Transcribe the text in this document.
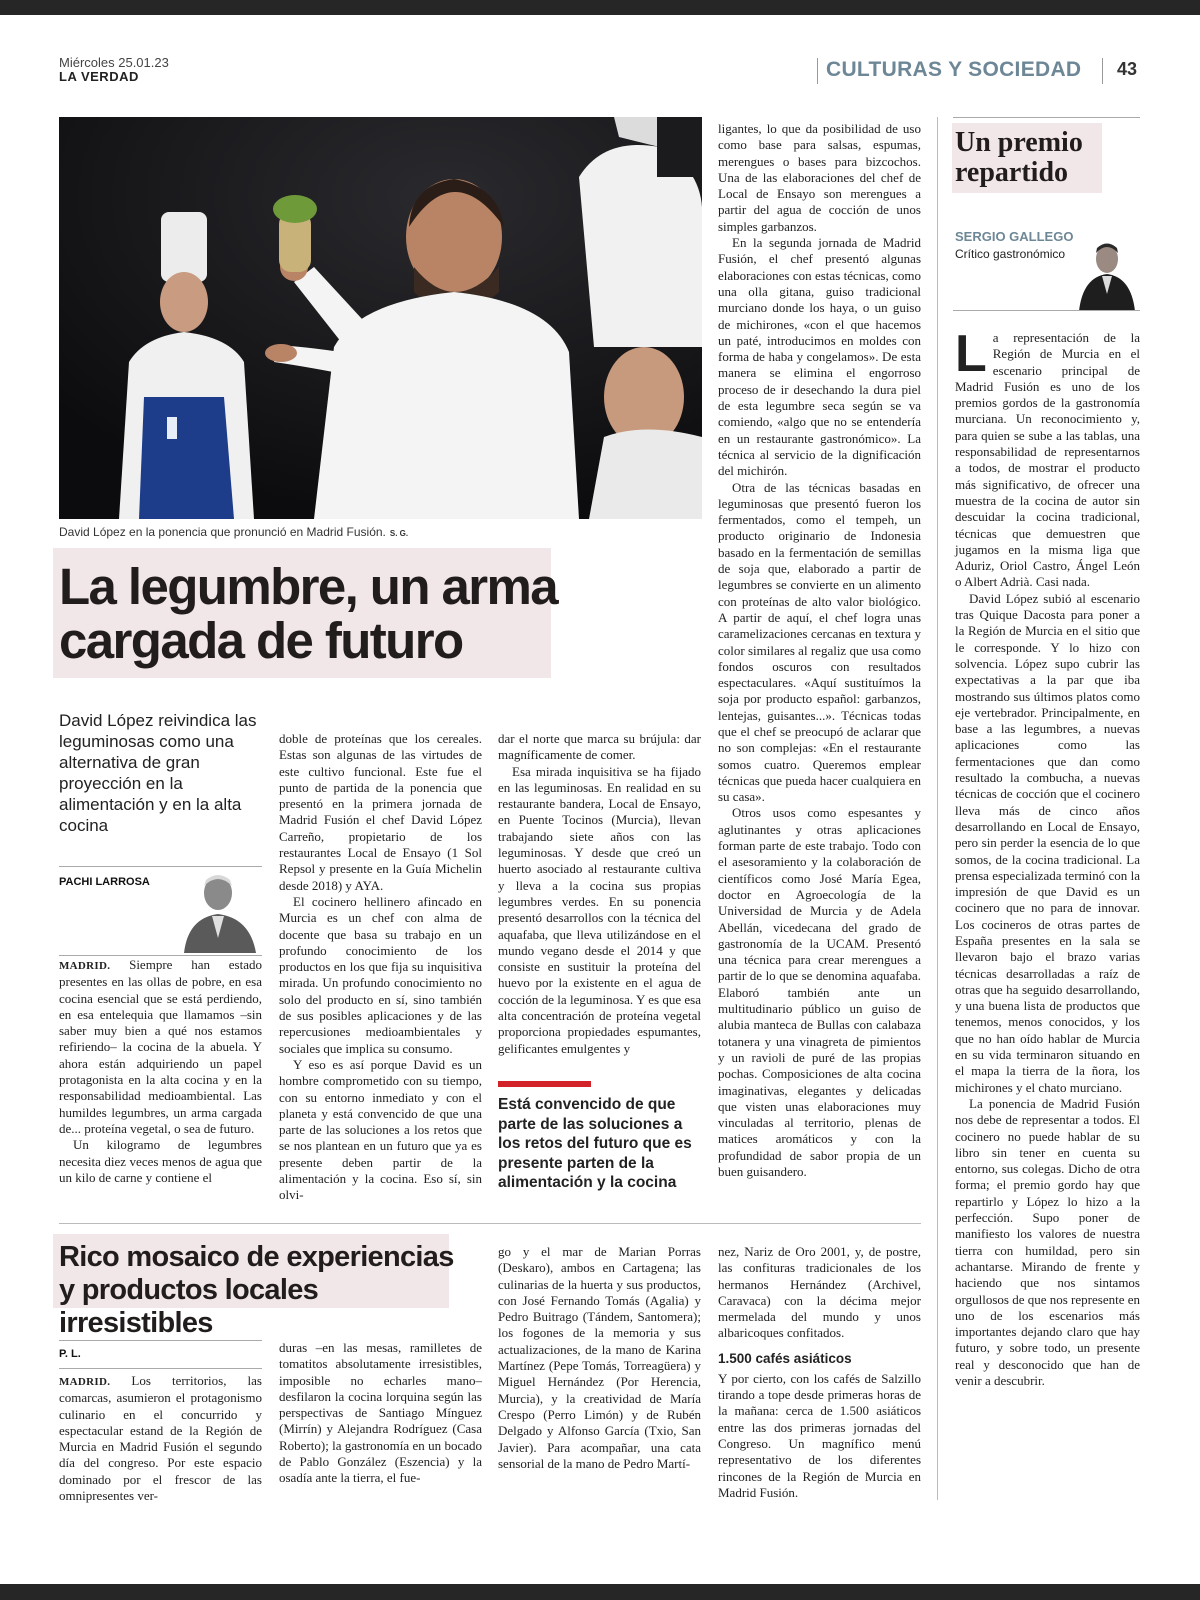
Miércoles 25.01.23
LA VERDAD	CULTURAS Y SOCIEDAD 43
David López en la ponencia que pronunció en Madrid Fusión. S. G.
La legumbre, un arma cargada de futuro
David López reivindica las leguminosas como una alternativa de gran proyección en la alimentación y en la alta cocina
PACHI LARROSA

MADRID. Siempre han estado presentes en las ollas de pobre, en esa cocina esencial que se está perdiendo, en esa entelequia que llamamos –sin saber muy bien a qué nos estamos refiriendo– la cocina de la abuela. Y ahora están adquiriendo un papel protagonista en la alta cocina y en la responsabilidad medioambiental. Las humildes legumbres, un arma cargada de... proteína vegetal, o sea de futuro.

Un kilogramo de legumbres necesita diez veces menos de agua que un kilo de carne y contiene el

doble de proteínas que los cereales. Estas son algunas de las virtudes de este cultivo funcional. Este fue el punto de partida de la ponencia que presentó en la primera jornada de Madrid Fusión el chef David López Carreño, propietario de los restaurantes Local de Ensayo (1 Sol Repsol y presente en la Guía Michelin desde 2018) y AYA.

El cocinero hellinero afincado en Murcia es un chef con alma de docente que basa su trabajo en un profundo conocimiento de los productos en los que fija su inquisitiva mirada. Un profundo conocimiento no solo del producto en sí, sino también de sus posibles aplicaciones y de las repercusiones medioambientales y sociales que implica su consumo.

Y eso es así porque David es un hombre comprometido con su tiempo, con su entorno inmediato y con el planeta y está convencido de que una parte de las soluciones a los retos que se nos plantean en un futuro que ya es presente deben partir de la alimentación y la cocina. Eso sí, sin olvi-

dar el norte que marca su brújula: dar magníficamente de comer.

Esa mirada inquisitiva se ha fijado en las leguminosas. En realidad en su restaurante bandera, Local de Ensayo, en Puente Tocinos (Murcia), llevan trabajando siete años con las leguminosas. Y desde que creó un huerto asociado al restaurante cultiva y lleva a la cocina sus propias legumbres verdes. En su ponencia presentó desarrollos con la técnica del aquafaba, que lleva utilizándose en el mundo vegano desde el 2014 y que consiste en sustituir la proteína del huevo por la existente en el agua de cocción de la leguminosa. Y es que esa alta concentración de proteína vegetal proporciona propiedades espumantes, gelificantes emulgentes y

Está convencido de que parte de las soluciones a los retos del futuro que es presente parten de la alimentación y la cocina

ligantes, lo que da posibilidad de uso como base para salsas, espumas, merengues o bases para bizcochos. Una de las elaboraciones del chef de Local de Ensayo son merengues a partir del agua de cocción de unos simples garbanzos.

En la segunda jornada de Madrid Fusión, el chef presentó algunas elaboraciones con estas técnicas, como una olla gitana, guiso tradicional murciano donde los haya, o un guiso de michirones, «con el que hacemos un paté, introducimos en moldes con forma de haba y congelamos». De esta manera se elimina el engorroso proceso de ir desechando la dura piel de esta legumbre seca según se va comiendo, «algo que no se entendería en un restaurante gastronómico». La técnica al servicio de la dignificación del michirón.

Otra de las técnicas basadas en leguminosas que presentó fueron los fermentados, como el tempeh, un producto originario de Indonesia basado en la fermentación de semillas de soja que, elaborado a partir de legumbres se convierte en un alimento con proteínas de alto valor biológico. A partir de aquí, el chef logra unas caramelizaciones cercanas en textura y color similares al regaliz que usa como fondos oscuros con resultados espectaculares. «Aquí sustituímos la soja por producto español: garbanzos, lentejas, guisantes...». Técnicas todas que el chef se preocupó de aclarar que no son complejas: «En el restaurante somos cuatro. Queremos emplear técnicas que pueda hacer cualquiera en su casa».

Otros usos como espesantes y aglutinantes y otras aplicaciones forman parte de este trabajo. Todo con el asesoramiento y la colaboración de científicos como José María Egea, doctor en Agroecología de la Universidad de Murcia y de Adela Abellán, vicedecana del grado de gastronomía de la UCAM. Presentó una técnica para crear merengues a partir de lo que se denomina aquafaba. Elaboró también ante un multitudinario público un guiso de alubia manteca de Bullas con calabaza totanera y una vinagreta de pimientos y un ravioli de puré de las propias pochas. Composiciones de alta cocina imaginativas, elegantes y delicadas que visten unas elaboraciones muy vinculadas al territorio, plenas de matices aromáticos y con la profundidad de sabor propia de un buen guisandero.

Un premio repartido
SERGIO GALLEGO
Crítico gastronómico

La representación de la Región de Murcia en el escenario principal de Madrid Fusión es uno de los premios gordos de la gastronomía murciana. Un reconocimiento y, para quien se sube a las tablas, una responsabilidad de representarnos a todos, de mostrar el producto más significativo, de ofrecer una muestra de la cocina de autor sin descuidar la cocina tradicional, técnicas que demuestren que jugamos en la misma liga que Aduriz, Oriol Castro, Ángel León o Albert Adrià. Casi nada.

David López subió al escenario tras Quique Dacosta para poner a la Región de Murcia en el sitio que le corresponde. Y lo hizo con solvencia. López supo cubrir las expectativas a la par que iba mostrando sus últimos platos como eje vertebrador. Principalmente, en base a las legumbres, a nuevas aplicaciones como las fermentaciones que dan como resultado la combucha, a nuevas técnicas de cocción que el cocinero lleva más de cinco años desarrollando en Local de Ensayo, pero sin perder la esencia de lo que somos, de la cocina tradicional. La prensa especializada terminó con la impresión de que David es un cocinero que no para de innovar. Los cocineros de otras partes de España presentes en la sala se llevaron bajo el brazo varias técnicas desarrolladas a raíz de otras que ha seguido desarrollando, y una buena lista de productos que tenemos, menos conocidos, y los que no han oído hablar de Murcia en su vida terminaron situando en el mapa la tierra de la ñora, los michirones y el chato murciano.

La ponencia de Madrid Fusión nos debe de representar a todos. El cocinero no puede hablar de su libro sin tener en cuenta su entorno, sus colegas. Dicho de otra forma; el premio gordo hay que repartirlo y López lo hizo a la perfección. Supo poner de manifiesto los valores de nuestra tierra con humildad, pero sin achantarse. Mirando de frente y haciendo que nos sintamos orgullosos de que nos represente en uno de los escenarios más importantes dejando claro que hay futuro, y sobre todo, un presente real y desconocido que han de venir a descubrir.

Rico mosaico de experiencias y productos locales irresistibles
P. L.

MADRID. Los territorios, las comarcas, asumieron el protagonismo culinario en el concurrido y espectacular estand de la Región de Murcia en Madrid Fusión el segundo día del congreso. Por este espacio dominado por el frescor de las omnipresentes ver-

duras –en las mesas, ramilletes de tomatitos absolutamente irresistibles, imposible no echarles mano– desfilaron la cocina lorquina según las perspectivas de Santiago Mínguez (Mirrín) y Alejandra Rodríguez (Casa Roberto); la gastronomía en un bocado de Pablo González (Eszencia) y la osadía ante la tierra, el fue-

go y el mar de Marian Porras (Deskaro), ambos en Cartagena; las culinarias de la huerta y sus productos, con José Fernando Tomás (Agalia) y Pedro Buitrago (Tándem, Santomera); los fogones de la memoria y sus actualizaciones, de la mano de Karina Martínez (Pepe Tomás, Torreagüera) y Miguel Hernández (Por Herencia, Murcia), y la creatividad de María Crespo (Perro Limón) y de Rubén Delgado y Alfonso García (Txio, San Javier). Para acompañar, una cata sensorial de la mano de Pedro Martí-

nez, Nariz de Oro 2001, y, de postre, las confituras tradicionales de los hermanos Hernández (Archivel, Caravaca) con la décima mejor mermelada del mundo y unos albaricoques confitados.

1.500 cafés asiáticos

Y por cierto, con los cafés de Salzillo tirando a tope desde primeras horas de la mañana: cerca de 1.500 asiáticos entre las dos primeras jornadas del Congreso. Un magnífico menú representativo de los diferentes rincones de la Región de Murcia en Madrid Fusión.
